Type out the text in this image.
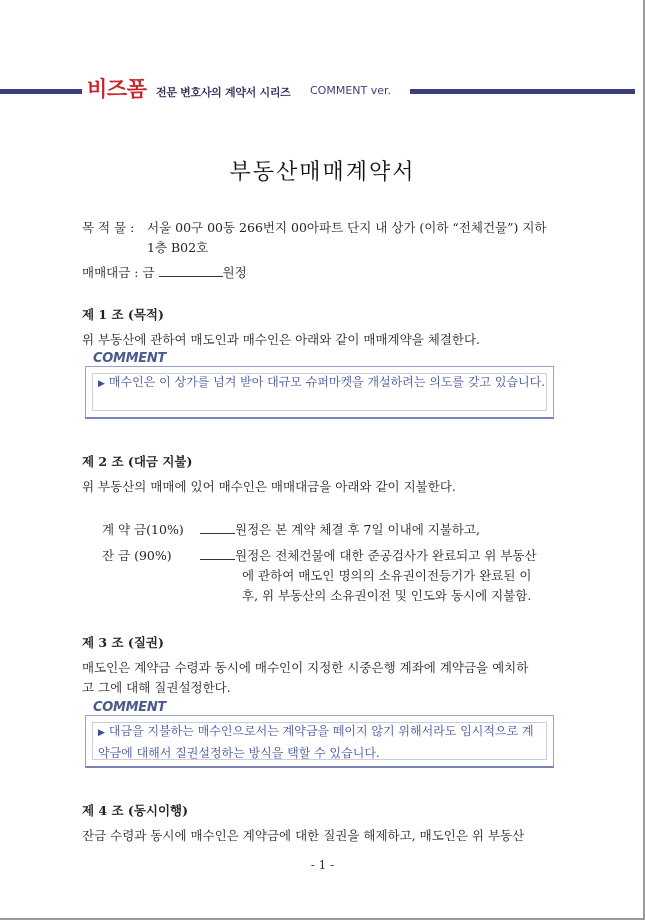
비즈폼 전문 변호사의 계약서 시리즈 COMMENT ver.
부동산매매계약서
목 적 물 : 서울 00구 00동 266번지 00아파트 단지 내 상가 (이하 “전체건물”) 지하
1층 B02호
매매대금 : 금	원정
제 1 조 (목적)
위 부동산에 관하여 매도인과 매수인은 아래와 같이 매매계약을 체결한다.
COMMENT
▶ 매수인은 이 상가를 넘겨 받아 대규모 슈퍼마켓을 개설하려는 의도를 갖고 있습니다.
제 2 조 (대금 지불)
위 부동산의 매매에 있어 매수인은 매매대금을 아래와 같이 지불한다.
계 약 금(10%)	원정은 본 계약 체결 후 7일 이내에 지불하고,
잔 금 (90%)	원정은 전체건물에 대한 준공검사가 완료되고 위 부동산
에 관하여 매도인 명의의 소유권이전등기가 완료된 이
후, 위 부동산의 소유권이전 및 인도와 동시에 지불함.
제 3 조 (질권)
매도인은 계약금 수령과 동시에 매수인이 지정한 시중은행 계좌에 계약금을 예치하
고 그에 대해 질권설정한다.
COMMENT
▶ 대금을 지불하는 매수인으로서는 계약금을 떼이지 않기 위해서라도 임시적으로 계약금에 대해서 질권설정하는 방식을 택할 수 있습니다.
제 4 조 (동시이행)
잔금 수령과 동시에 매수인은 계약금에 대한 질권을 해제하고, 매도인은 위 부동산
- 1 -
